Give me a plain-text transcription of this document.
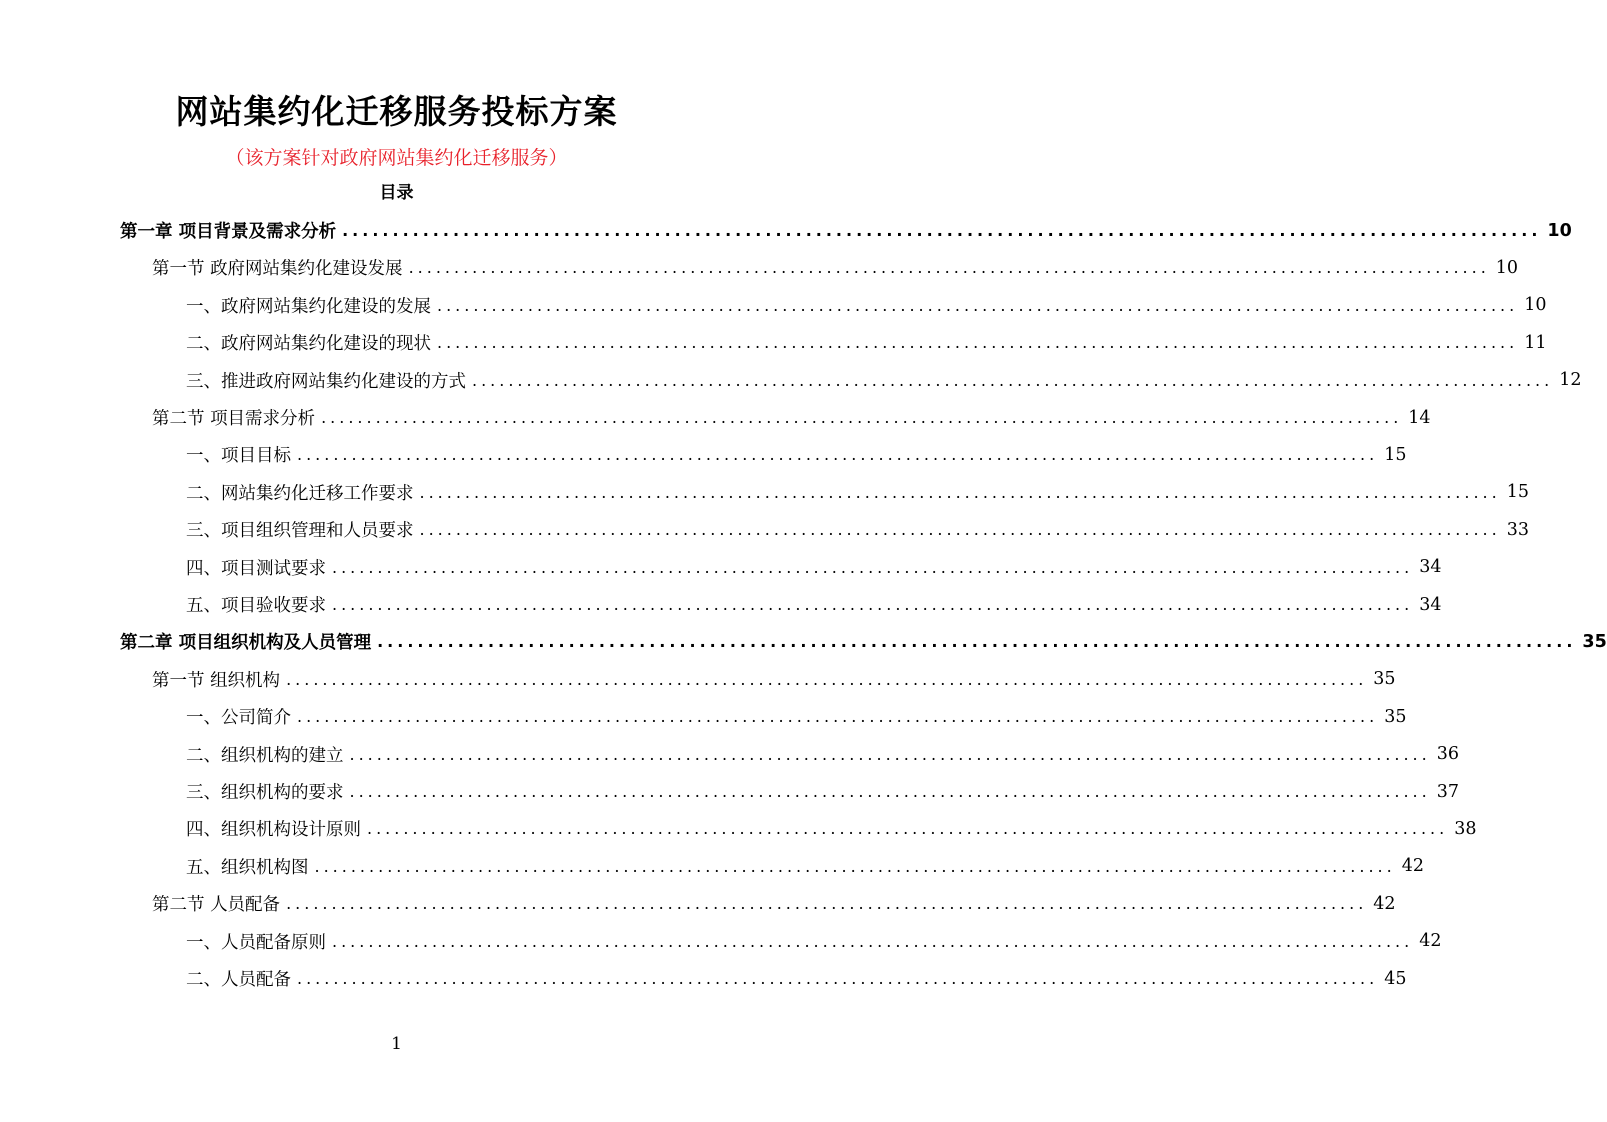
网站集约化迁移服务投标方案
（该方案针对政府网站集约化迁移服务）
目录
第一章 项目背景及需求分析 ....................................................................................................................... 10
第一节 政府网站集约化建设发展 ....................................................................................................................... 10
一、政府网站集约化建设的发展 ....................................................................................................................... 10
二、政府网站集约化建设的现状 ....................................................................................................................... 11
三、推进政府网站集约化建设的方式 ....................................................................................................................... 12
第二节 项目需求分析 ....................................................................................................................... 14
一、项目目标 ....................................................................................................................... 15
二、网站集约化迁移工作要求 ....................................................................................................................... 15
三、项目组织管理和人员要求 ....................................................................................................................... 33
四、项目测试要求 ....................................................................................................................... 34
五、项目验收要求 ....................................................................................................................... 34
第二章 项目组织机构及人员管理 ....................................................................................................................... 35
第一节 组织机构 ....................................................................................................................... 35
一、公司简介 ....................................................................................................................... 35
二、组织机构的建立 ....................................................................................................................... 36
三、组织机构的要求 ....................................................................................................................... 37
四、组织机构设计原则 ....................................................................................................................... 38
五、组织机构图 ....................................................................................................................... 42
第二节 人员配备 ....................................................................................................................... 42
一、人员配备原则 ....................................................................................................................... 42
二、人员配备 ....................................................................................................................... 45
1
